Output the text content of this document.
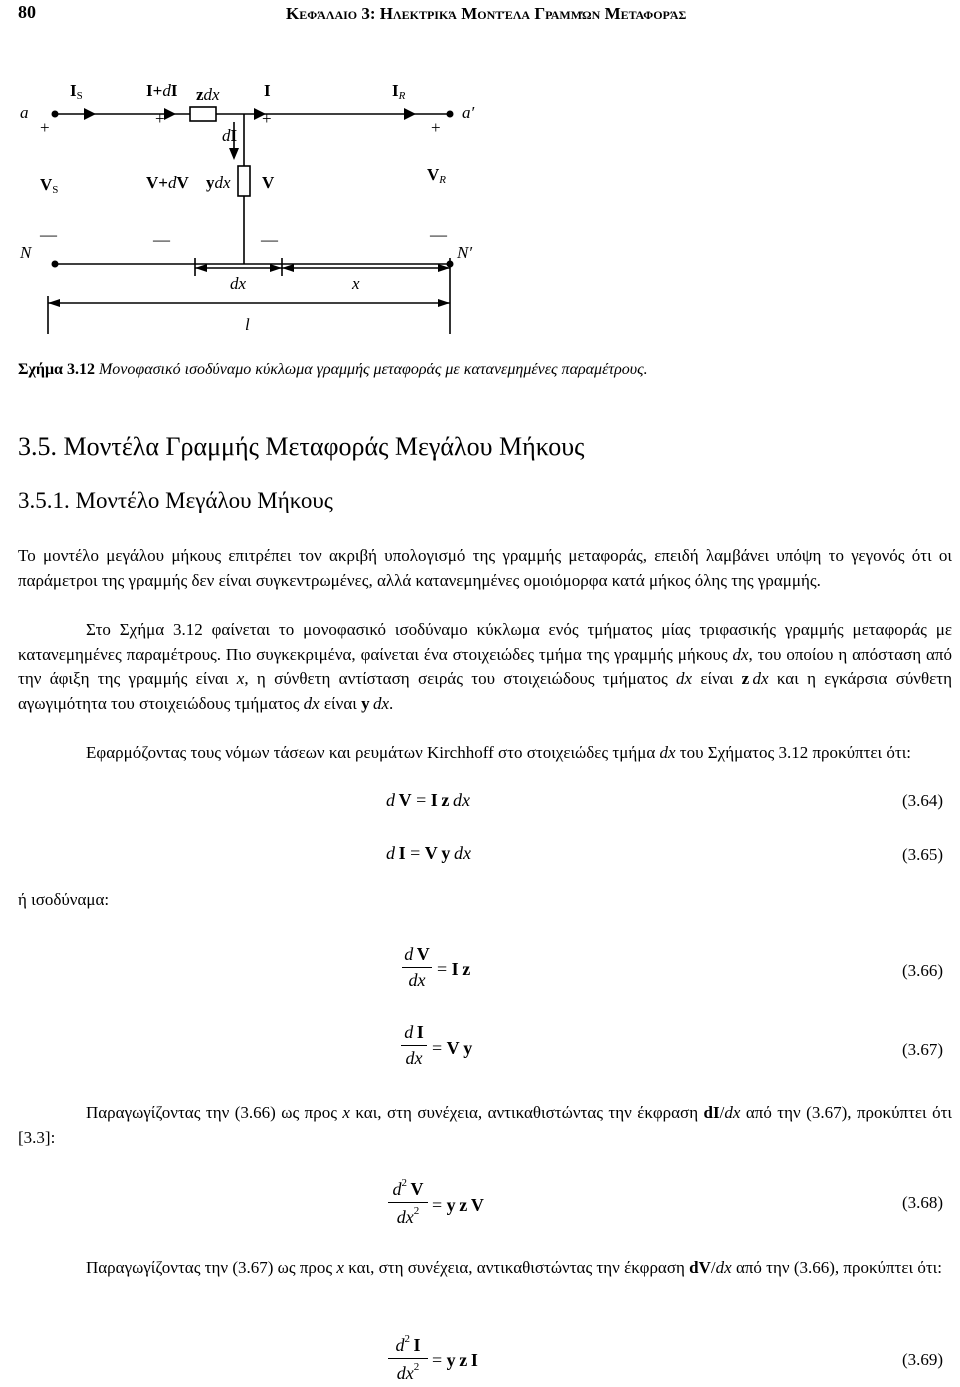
80	Κεφάλαιο 3: Ηλεκτρικά Μοντέλα Γραμμών Μεταφοράς
a	a′
N	N′
IS	I+dI zdx	I	IR
dI
+	+	+	+
VS	V+dV ydx V	VR
—	—	—	—
dx	x
l
Σχήμα 3.12 Μονοφασικό ισοδύναμο κύκλωμα γραμμής μεταφοράς με κατανεμημένες παραμέτρους.
3.5. Μοντέλα Γραμμής Μεταφοράς Μεγάλου Μήκους
3.5.1. Μοντέλο Μεγάλου Μήκους
Το μοντέλο μεγάλου μήκους επιτρέπει τον ακριβή υπολογισμό της γραμμής μεταφοράς, επειδή λαμβάνει υπόψη το γεγονός ότι οι παράμετροι της γραμμής δεν είναι συγκεντρωμένες, αλλά κατανεμημένες ομοιόμορφα κατά μήκος όλης της γραμμής.
Στο Σχήμα 3.12 φαίνεται το μονοφασικό ισοδύναμο κύκλωμα ενός τμήματος μίας τριφασικής γραμμής μεταφοράς με κατανεμημένες παραμέτρους. Πιο συγκεκριμένα, φαίνεται ένα στοιχειώδες τμήμα της γραμμής μήκους dx, του οποίου η απόσταση από την άφιξη της γραμμής είναι x, η σύνθετη αντίσταση σειράς του στοιχειώδους τμήματος dx είναι z  dx και η εγκάρσια σύνθετη αγωγιμότητα του στοιχειώδους τμήματος dx είναι y  dx.
Εφαρμόζοντας τους νόμων τάσεων και ρευμάτων Kirchhoff στο στοιχειώδες τμήμα dx του Σχήματος 3.12 προκύπτει ότι:
d  V = I  z  dx	(3.64)
d  I = V  y  dx	(3.65)
ή ισοδύναμα:
d  V
dx
= I  z	(3.66)
d  I
dx = V  y	(3.67)
Παραγωγίζοντας την (3.66) ως προς x και, στη συνέχεια, αντικαθιστώντας την έκφραση dI/dx από την (3.67), προκύπτει ότι [3.3]:
$d^2$  V
$dx^2 = y$  z  V	(3.68)
Παραγωγίζοντας την (3.67) ως προς x και, στη συνέχεια, αντικαθιστώντας την έκφραση dV/dx από την (3.66), προκύπτει ότι:
$d^2$  I
$dx^2 = y$  z  I	(3.69)
